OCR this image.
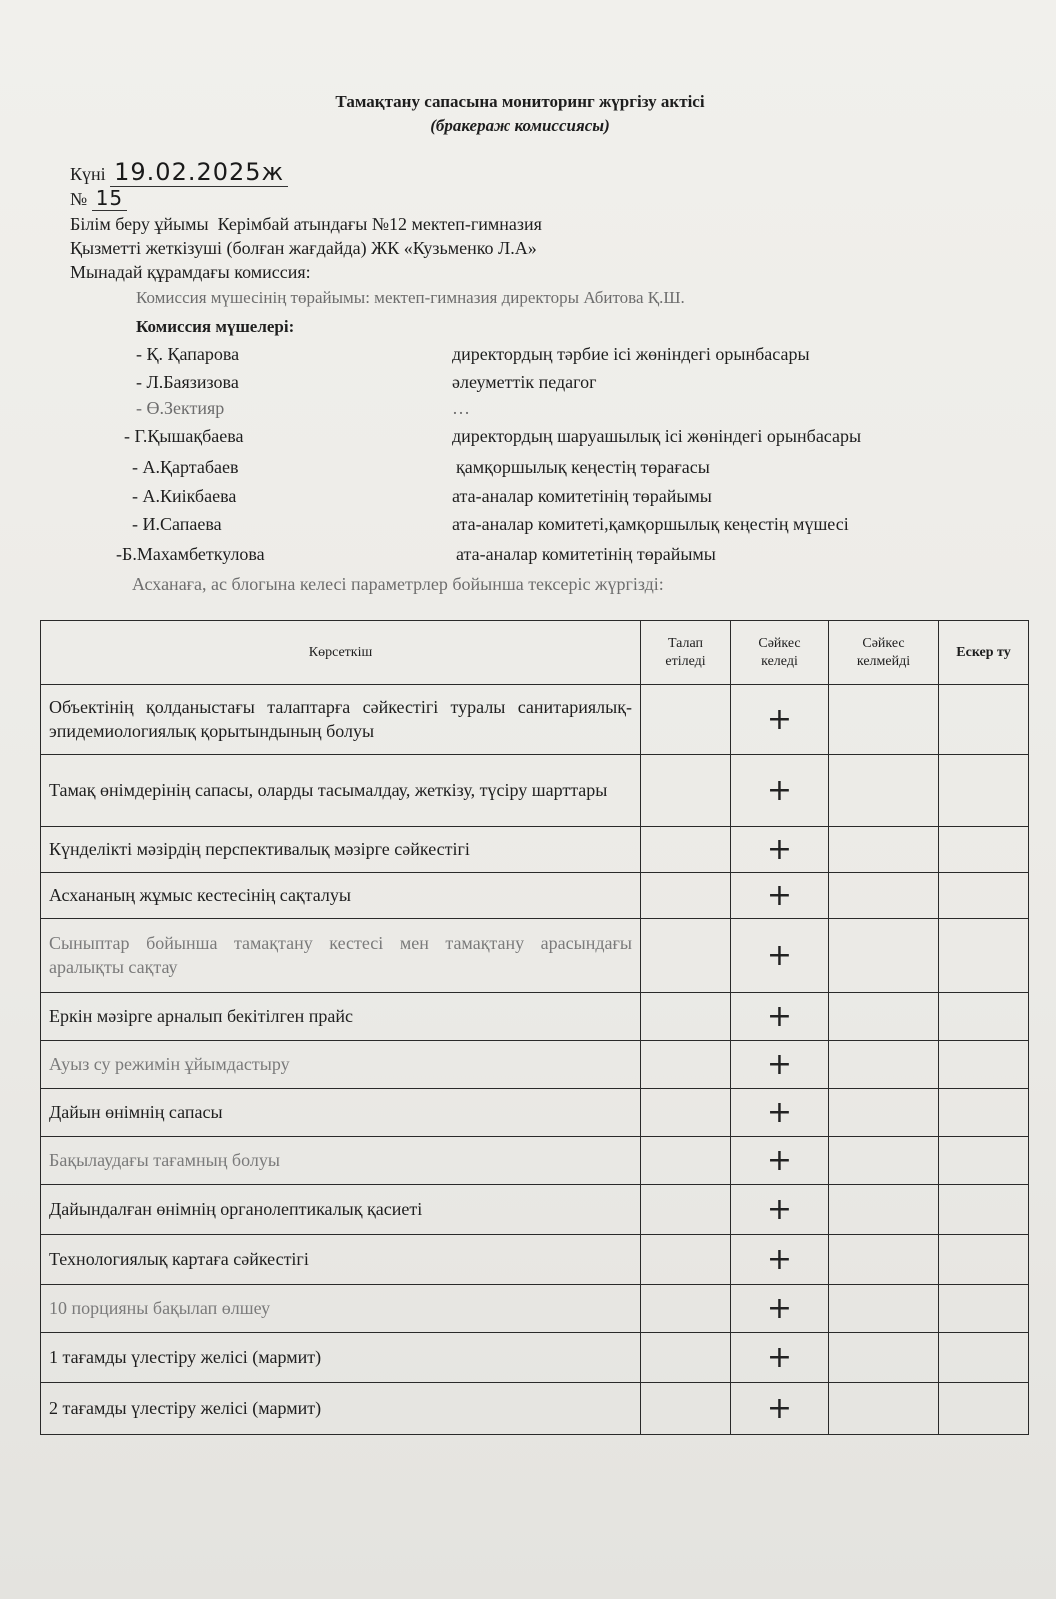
Тамақтану сапасына мониторинг жүргізу актісі
(бракераж комиссиясы)
Күні 19.02.2025ж
№ 15
Білім беру ұйымы Керімбай атындағы №12 мектеп-гимназия
Қызметті жеткізуші (болған жағдайда) ЖК «Кузьменко Л.А»
Мынадай құрамдағы комиссия:
Комиссия мүшесінің төрайымы: мектеп-гимназия директоры Абитова Қ.Ш.
Комиссия мүшелері:
- Қ. Қапарова	директордың тәрбие ісі жөніндегі орынбасары
- Л.Баязизова	әлеуметтік педагог
- Ө.Зектияр	…
- Г.Қышақбаева	директордың шаруашылық ісі жөніндегі орынбасары
- А.Қартабаев	қамқоршылық кеңестің төрағасы
- А.Киікбаева	ата-аналар комитетінің төрайымы
- И.Сапаева	ата-аналар комитеті,қамқоршылық кеңестің мүшесі
-Б.Махамбеткулова	ата-аналар комитетінің төрайымы
Асханаға, ас блогына келесі параметрлер бойынша тексеріс жүргізді:
Көрсеткіш	Талап етіледі	Сәйкес келеді	Сәйкес келмейді	Ескер ту
Объектінің қолданыстағы талаптарға сәйкестігі туралы санитариялық-эпидемиологиялық қорытындының болуы		+		
Тамақ өнімдерінің сапасы, оларды тасымалдау, жеткізу, түсіру шарттары		+		
Күнделікті мәзірдің перспективалық мәзірге сәйкестігі		+		
Асхананың жұмыс кестесінің сақталуы		+		
Сыныптар бойынша тамақтану кестесі мен тамақтану арасындағы аралықты сақтау		+		
Еркін мәзірге арналып бекітілген прайс		+		
Ауыз су режимін ұйымдастыру		+		
Дайын өнімнің сапасы		+		
Бақылаудағы тағамның болуы		+		
Дайындалған өнімнің органолептикалық қасиеті		+		
Технологиялық картаға сәйкестігі		+		
10 порцияны бақылап өлшеу		+		
1 тағамды үлестіру желісі (мармит)		+		
2 тағамды үлестіру желісі (мармит)		+		
